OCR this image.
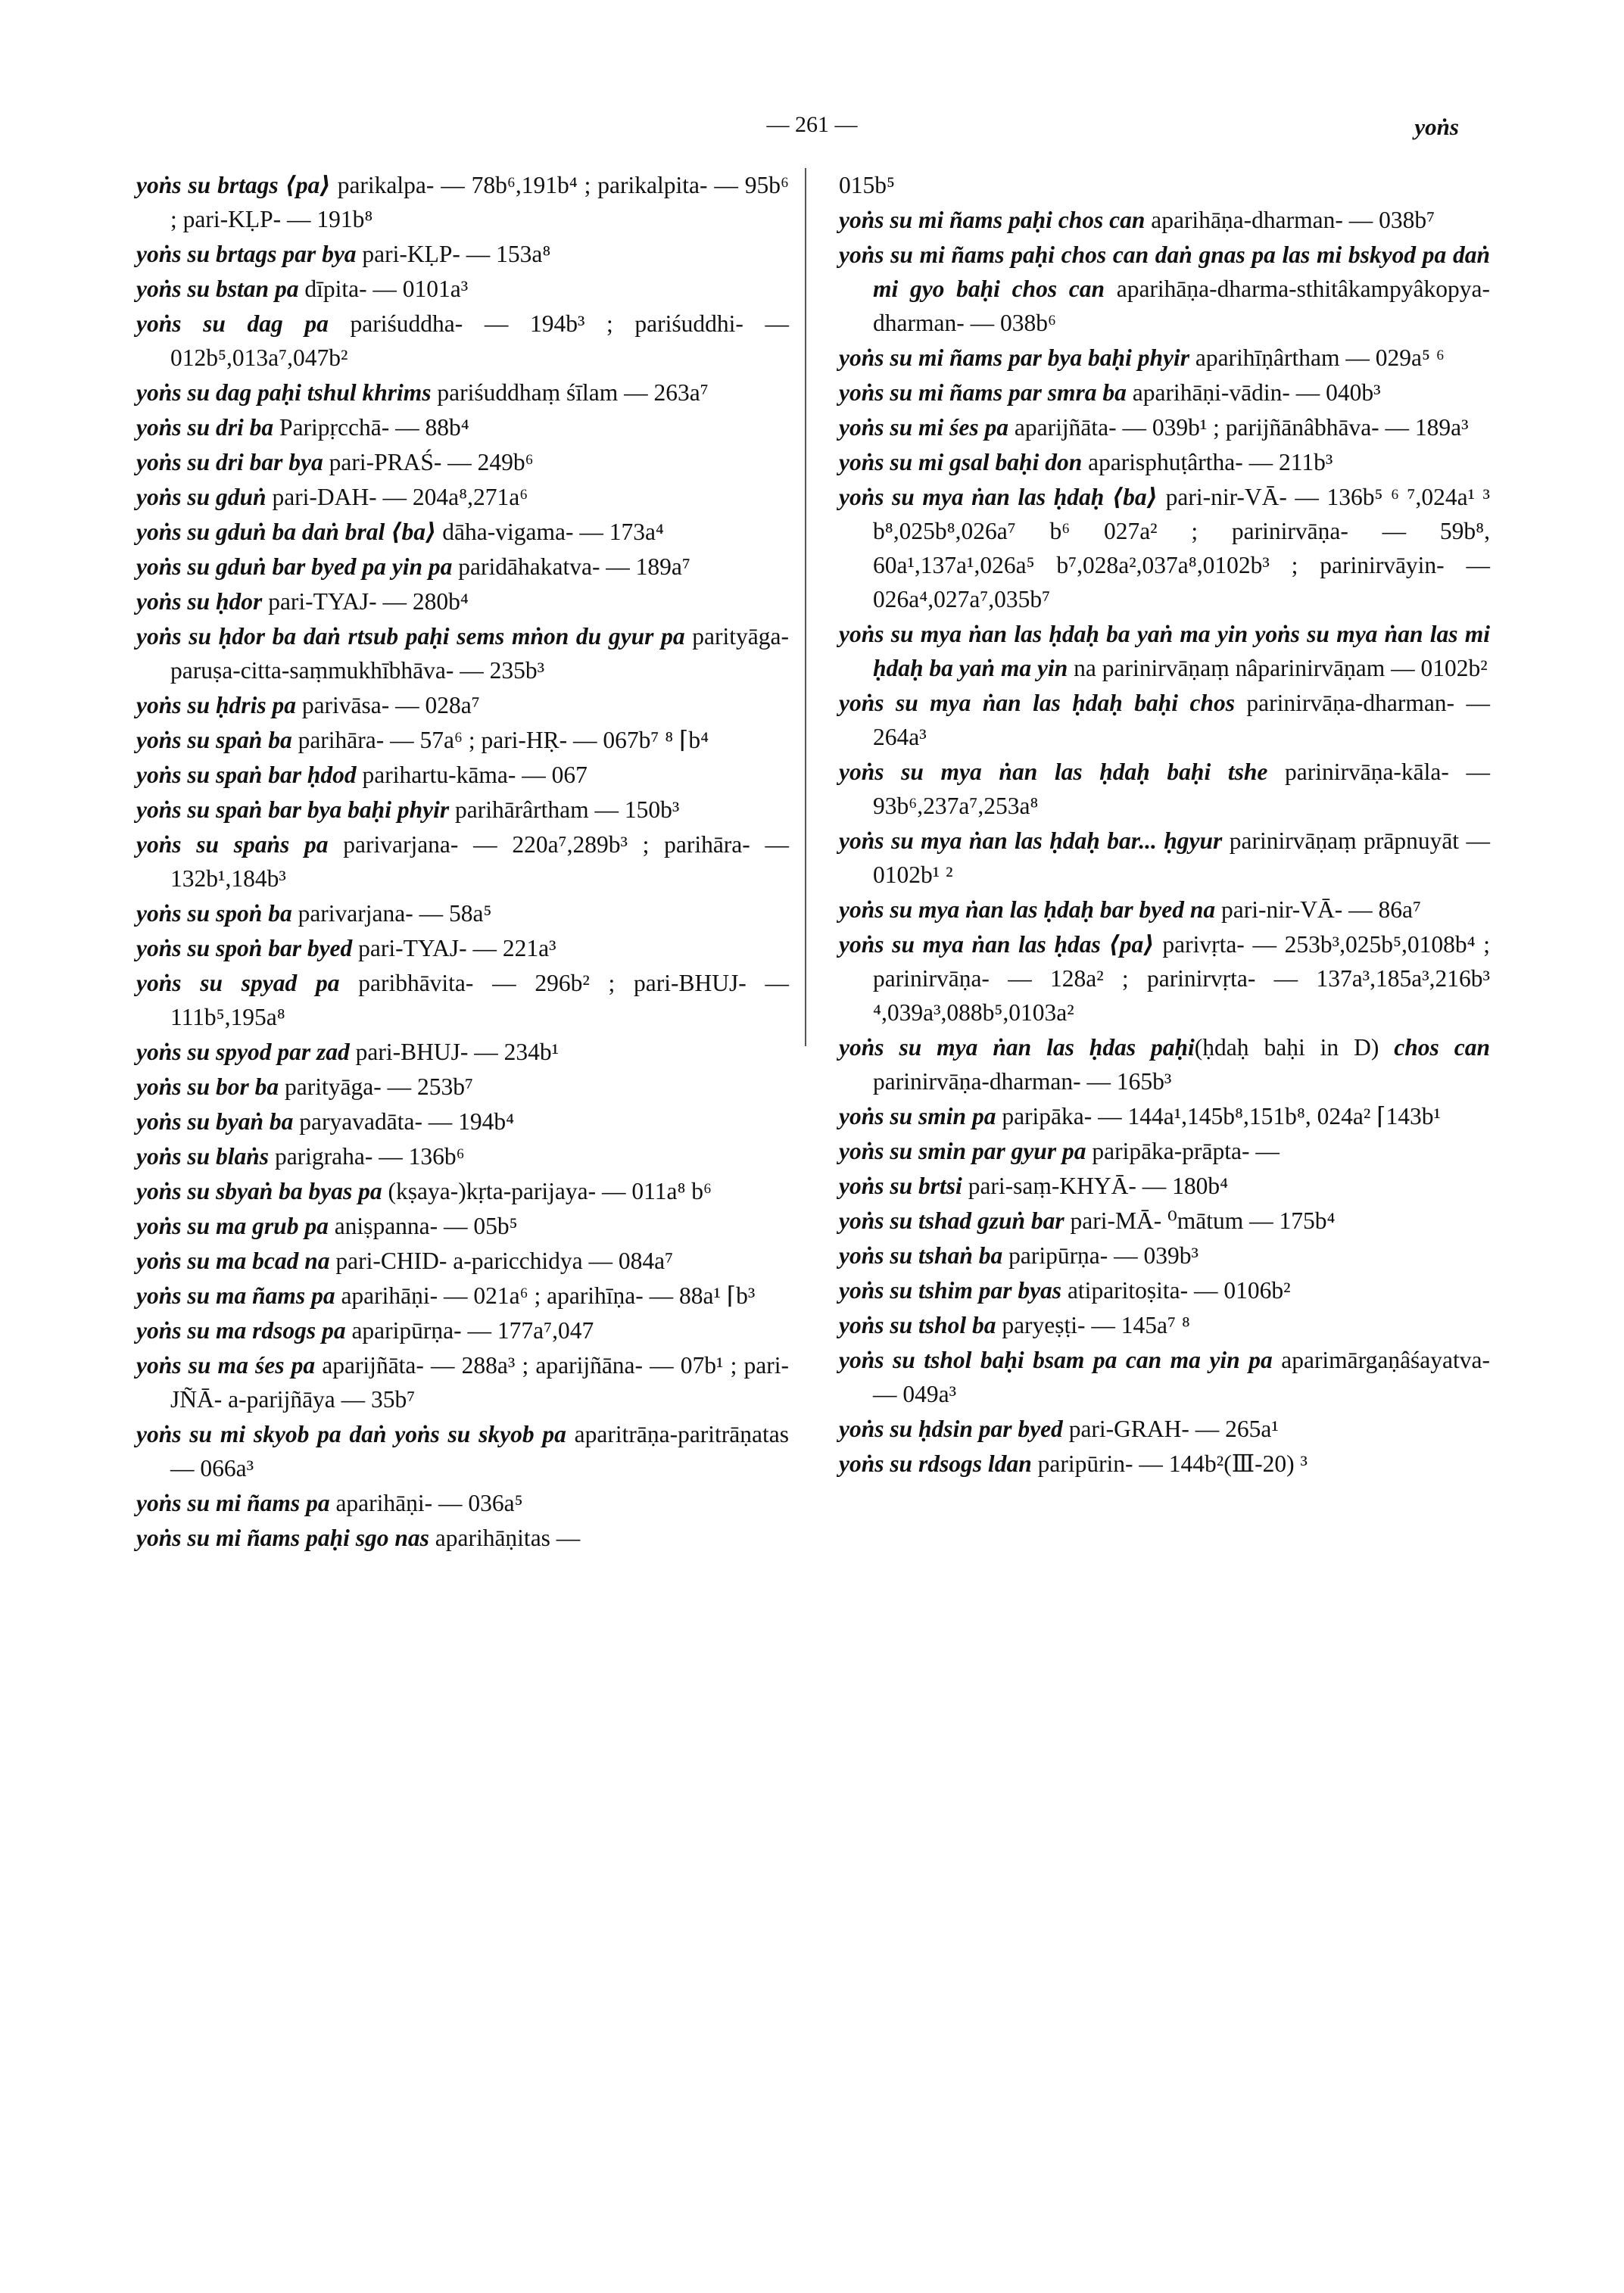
— 261 —	yoṅs

yoṅs su brtags ⟨pa⟩ parikalpa- — 78b⁶,191b⁴ ; parikalpita- — 95b⁶ ; pari-KḶP- — 191b⁸

yoṅs su brtags par bya pari-KḶP- — 153a⁸

yoṅs su bstan pa dīpita- — 0101a³

yoṅs su dag pa pariśuddha- — 194b³ ; pariśuddhi- — 012b⁵,013a⁷,047b²

yoṅs su dag paḥi tshul khrims pariśuddhaṃ śīlam — 263a⁷

yoṅs su dri ba Paripṛcchā- — 88b⁴

yoṅs su dri bar bya pari-PRAŚ- — 249b⁶

yoṅs su gduṅ pari-DAH- — 204a⁸,271a⁶

yoṅs su gduṅ ba daṅ bral ⟨ba⟩ dāha-vigama- — 173a⁴

yoṅs su gduṅ bar byed pa yin pa paridāhakatva- — 189a⁷

yoṅs su ḥdor pari-TYAJ- — 280b⁴

yoṅs su ḥdor ba daṅ rtsub paḥi sems mṅon du gyur pa parityāga-paruṣa-citta-saṃmukhībhāva- — 235b³

yoṅs su ḥdris pa parivāsa- — 028a⁷

yoṅs su spaṅ ba parihāra- — 57a⁶ ; pari-HṚ- — 067b⁷ ⁸ ⌈b⁴

yoṅs su spaṅ bar ḥdod parihartu-kāma- — 067

yoṅs su spaṅ bar bya baḥi phyir parihārârtham — 150b³

yoṅs su spaṅs pa parivarjana- — 220a⁷,289b³ ; parihāra- — 132b¹,184b³

yoṅs su spoṅ ba parivarjana- — 58a⁵

yoṅs su spoṅ bar byed pari-TYAJ- — 221a³

yoṅs su spyad pa paribhāvita- — 296b² ; pari-BHUJ- — 111b⁵,195a⁸

yoṅs su spyod par zad pari-BHUJ- — 234b¹

yoṅs su bor ba parityāga- — 253b⁷

yoṅs su byaṅ ba paryavadāta- — 194b⁴

yoṅs su blaṅs parigraha- — 136b⁶

yoṅs su sbyaṅ ba byas pa (kṣaya-)kṛta-parijaya- — 011a⁸ b⁶

yoṅs su ma grub pa aniṣpanna- — 05b⁵

yoṅs su ma bcad na pari-CHID- a-paricchidya — 084a⁷

yoṅs su ma ñams pa aparihāṇi- — 021a⁶ ; aparihīṇa- — 88a¹ ⌈b³

yoṅs su ma rdsogs pa aparipūrṇa- — 177a⁷,047

yoṅs su ma śes pa aparijñāta- — 288a³ ; aparijñāna- — 07b¹ ; pari-JÑĀ- a-parijñāya — 35b⁷

yoṅs su mi skyob pa daṅ yoṅs su skyob pa aparitrāṇa-paritrāṇatas — 066a³

yoṅs su mi ñams pa aparihāṇi- — 036a⁵

yoṅs su mi ñams paḥi sgo nas aparihāṇitas —

015b⁵

yoṅs su mi ñams paḥi chos can aparihāṇa-dharman- — 038b⁷

yoṅs su mi ñams paḥi chos can daṅ gnas pa las mi bskyod pa daṅ mi gyo baḥi chos can aparihāṇa-dharma-sthitâkampyâkopya-dharman- — 038b⁶

yoṅs su mi ñams par bya baḥi phyir aparihīṇârtham — 029a⁵ ⁶

yoṅs su mi ñams par smra ba aparihāṇi-vādin- — 040b³

yoṅs su mi śes pa aparijñāta- — 039b¹ ; parijñānâbhāva- — 189a³

yoṅs su mi gsal baḥi don aparisphuṭârtha- — 211b³

yoṅs su mya ṅan las ḥdaḥ ⟨ba⟩ pari-nir-VĀ- — 136b⁵ ⁶ ⁷,024a¹ ³ b⁸,025b⁸,026a⁷ b⁶ 027a² ; parinirvāṇa- — 59b⁸, 60a¹,137a¹,026a⁵ b⁷,028a²,037a⁸,0102b³ ; parinirvāyin- — 026a⁴,027a⁷,035b⁷

yoṅs su mya ṅan las ḥdaḥ ba yaṅ ma yin yoṅs su mya ṅan las mi ḥdaḥ ba yaṅ ma yin na parinirvāṇaṃ nâparinirvāṇam — 0102b²

yoṅs su mya ṅan las ḥdaḥ baḥi chos parinirvāṇa-dharman- — 264a³

yoṅs su mya ṅan las ḥdaḥ baḥi tshe parinirvāṇa-kāla- — 93b⁶,237a⁷,253a⁸

yoṅs su mya ṅan las ḥdaḥ bar... ḥgyur parinirvāṇaṃ prāpnuyāt — 0102b¹ ²

yoṅs su mya ṅan las ḥdaḥ bar byed na pari-nir-VĀ- — 86a⁷

yoṅs su mya ṅan las ḥdas ⟨pa⟩ parivṛta- — 253b³,025b⁵,0108b⁴ ; parinirvāṇa- — 128a² ; parinirvṛta- — 137a³,185a³,216b³ ⁴,039a³,088b⁵,0103a²

yoṅs su mya ṅan las ḥdas paḥi(ḥdaḥ baḥi in D) chos can parinirvāṇa-dharman- — 165b³

yoṅs su smin pa paripāka- — 144a¹,145b⁸,151b⁸, 024a² ⌈143b¹

yoṅs su smin par gyur pa paripāka-prāpta- —

yoṅs su brtsi pari-saṃ-KHYĀ- — 180b⁴

yoṅs su tshad gzuṅ bar pari-MĀ- ⁰mātum — 175b⁴

yoṅs su tshaṅ ba paripūrṇa- — 039b³

yoṅs su tshim par byas atiparitoṣita- — 0106b²

yoṅs su tshol ba paryeṣṭi- — 145a⁷ ⁸

yoṅs su tshol baḥi bsam pa can ma yin pa aparimārgaṇâśayatva- — 049a³

yoṅs su ḥdsin par byed pari-GRAH- — 265a¹

yoṅs su rdsogs ldan paripūrin- — 144b²(Ⅲ-20) ³
